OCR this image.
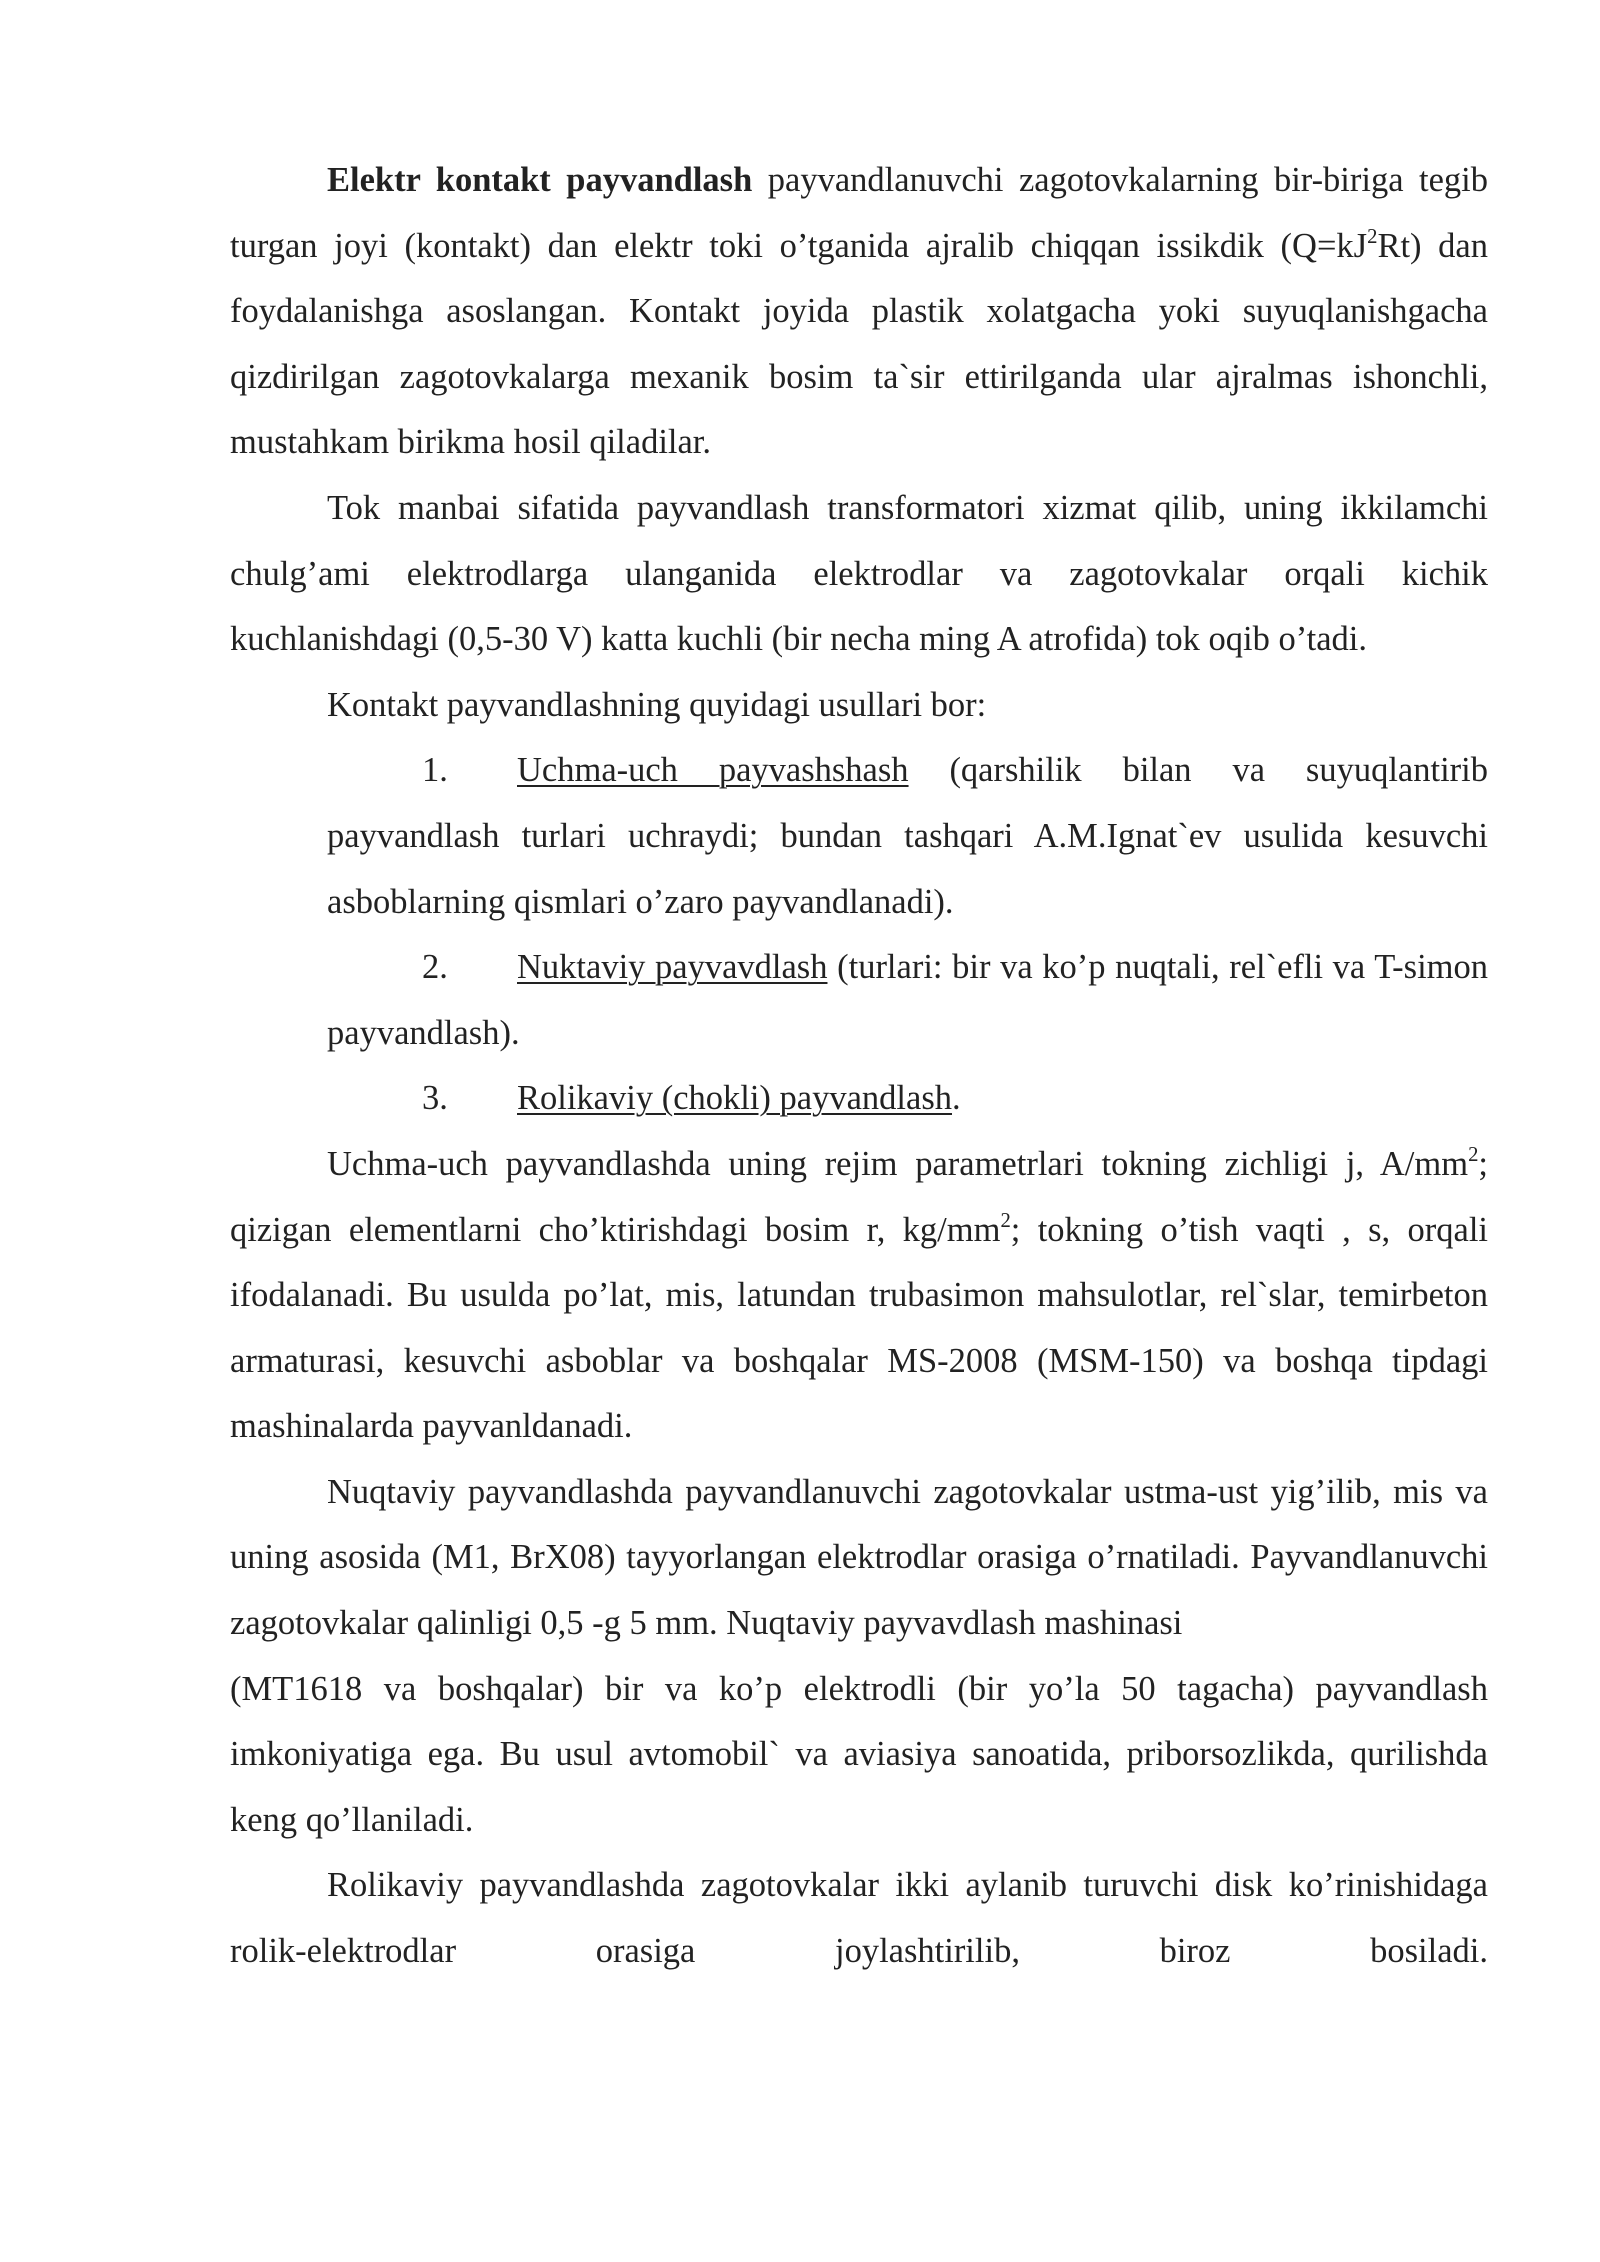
Elektr kontakt payvandlash payvandlanuvchi zagotovkalarning bir-biriga tegib turgan joyi (kontakt) dan elektr toki o’tganida ajralib chiqqan issikdik $(Q=kJ^2Rt)$ dan foydalanishga asoslangan. Kontakt joyida plastik xolatgacha yoki suyuqlanishgacha qizdirilgan zagotovkalarga mexanik bosim ta`sir ettirilganda ular ajralmas ishonchli, mustahkam birikma hosil qiladilar.

Tok manbai sifatida payvandlash transformatori xizmat qilib, uning ikkilamchi chulg’ami elektrodlarga ulanganida elektrodlar va zagotovkalar orqali kichik kuchlanishdagi (0,5-30 V) katta kuchli (bir necha ming A atrofida) tok oqib o’tadi.

Kontakt payvandlashning quyidagi usullari bor:

1. Uchma-uch payvashshash (qarshilik bilan va suyuqlantirib payvandlash turlari uchraydi; bundan tashqari A.M.Ignat`ev usulida kesuvchi asboblarning qismlari o’zaro payvandlanadi).

2. Nuktaviy payvavdlash (turlari: bir va ko’p nuqtali, rel`efli va T-simon payvandlash).

3. Rolikaviy (chokli) payvandlash.

Uchma-uch payvandlashda uning rejim parametrlari tokning zichligi j, $A/mm^2$; qizigan elementlarni cho’ktirishdagi bosim r, $kg/mm^2$; tokning o’tish vaqti , s, orqali ifodalanadi. Bu usulda po’lat, mis, latundan trubasimon mahsulotlar, rel`slar, temirbeton armaturasi, kesuvchi asboblar va boshqalar MS-2008 (MSM-150) va boshqa tipdagi mashinalarda payvanldanadi.

Nuqtaviy payvandlashda payvandlanuvchi zagotovkalar ustma-ust yig’ilib, mis va uning asosida (M1, BrX08) tayyorlangan elektrodlar orasiga o’rnatiladi. Payvandlanuvchi zagotovkalar qalinligi 0,5 -g 5 mm. Nuqtaviy payvavdlash mashinasi

(MT1618 va boshqalar) bir va ko’p elektrodli (bir yo’la 50 tagacha) payvandlash imkoniyatiga ega. Bu usul avtomobil` va aviasiya sanoatida, priborsozlikda, qurilishda keng qo’llaniladi.

Rolikaviy payvandlashda zagotovkalar ikki aylanib turuvchi disk ko’rinishidaga rolik-elektrodlar orasiga joylashtirilib, biroz bosiladi.
